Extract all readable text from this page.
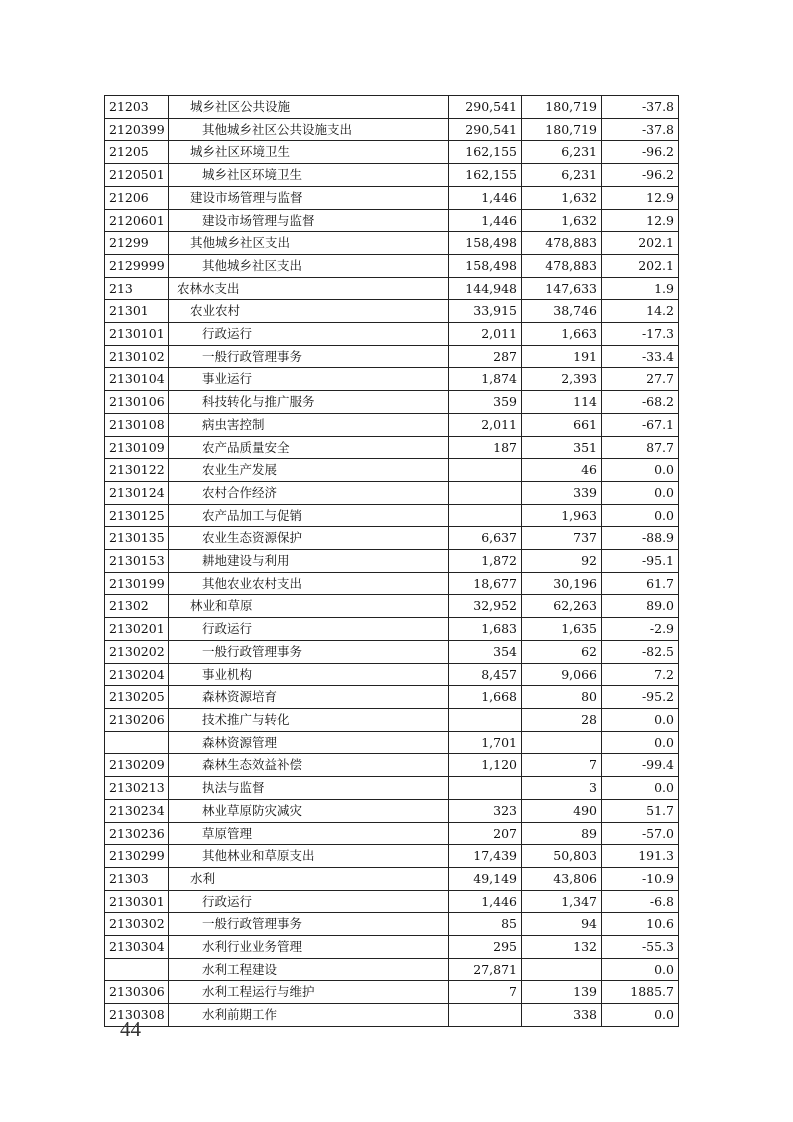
21203	城乡社区公共设施	290,541	180,719	-37.8
2120399	其他城乡社区公共设施支出	290,541	180,719	-37.8
21205	城乡社区环境卫生	162,155	6,231	-96.2
2120501	城乡社区环境卫生	162,155	6,231	-96.2
21206	建设市场管理与监督	1,446	1,632	12.9
2120601	建设市场管理与监督	1,446	1,632	12.9
21299	其他城乡社区支出	158,498	478,883	202.1
2129999	其他城乡社区支出	158,498	478,883	202.1
213	农林水支出	144,948	147,633	1.9
21301	农业农村	33,915	38,746	14.2
2130101	行政运行	2,011	1,663	-17.3
2130102	一般行政管理事务	287	191	-33.4
2130104	事业运行	1,874	2,393	27.7
2130106	科技转化与推广服务	359	114	-68.2
2130108	病虫害控制	2,011	661	-67.1
2130109	农产品质量安全	187	351	87.7
2130122	农业生产发展		46	0.0
2130124	农村合作经济		339	0.0
2130125	农产品加工与促销		1,963	0.0
2130135	农业生态资源保护	6,637	737	-88.9
2130153	耕地建设与利用	1,872	92	-95.1
2130199	其他农业农村支出	18,677	30,196	61.7
21302	林业和草原	32,952	62,263	89.0
2130201	行政运行	1,683	1,635	-2.9
2130202	一般行政管理事务	354	62	-82.5
2130204	事业机构	8,457	9,066	7.2
2130205	森林资源培育	1,668	80	-95.2
2130206	技术推广与转化		28	0.0
	森林资源管理	1,701		0.0
2130209	森林生态效益补偿	1,120	7	-99.4
2130213	执法与监督		3	0.0
2130234	林业草原防灾减灾	323	490	51.7
2130236	草原管理	207	89	-57.0
2130299	其他林业和草原支出	17,439	50,803	191.3
21303	水利	49,149	43,806	-10.9
2130301	行政运行	1,446	1,347	-6.8
2130302	一般行政管理事务	85	94	10.6
2130304	水利行业业务管理	295	132	-55.3
	水利工程建设	27,871		0.0
2130306	水利工程运行与维护	7	139	1885.7
2130308	水利前期工作		338	0.0
44
